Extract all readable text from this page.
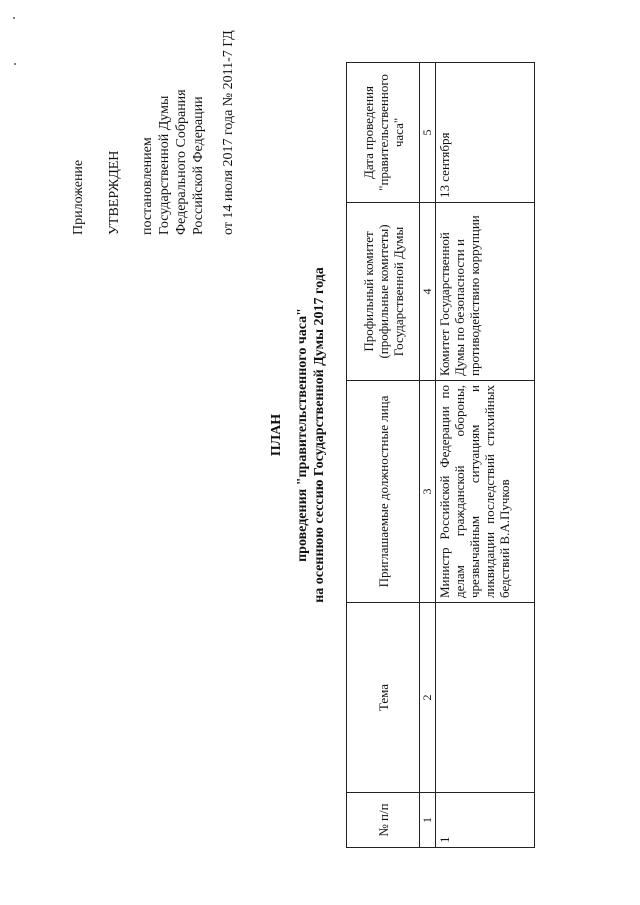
Приложение УТВЕРЖДЕН постановлением Государственной Думы Федерального Собрания Российской Федерации от 14 июля 2017 года № 2011-7 ГД
ПЛАН проведения "правительственного часа" на осеннюю сессию Государственной Думы 2017 года
№ п/п	Тема	Приглашаемые должностные лица	Профильный комитет (профильные комитеты) Государственной Думы	Дата проведения "правительственного часа"
1	2	3	4	5
1		Министр Российской Федерации по делам гражданской обороны, чрезвычайным ситуациям и ликвидации последствий стихийных бедствий В.А.Пучков	Комитет Государственной Думы по безопасности и противодействию коррупции	13 сентября
